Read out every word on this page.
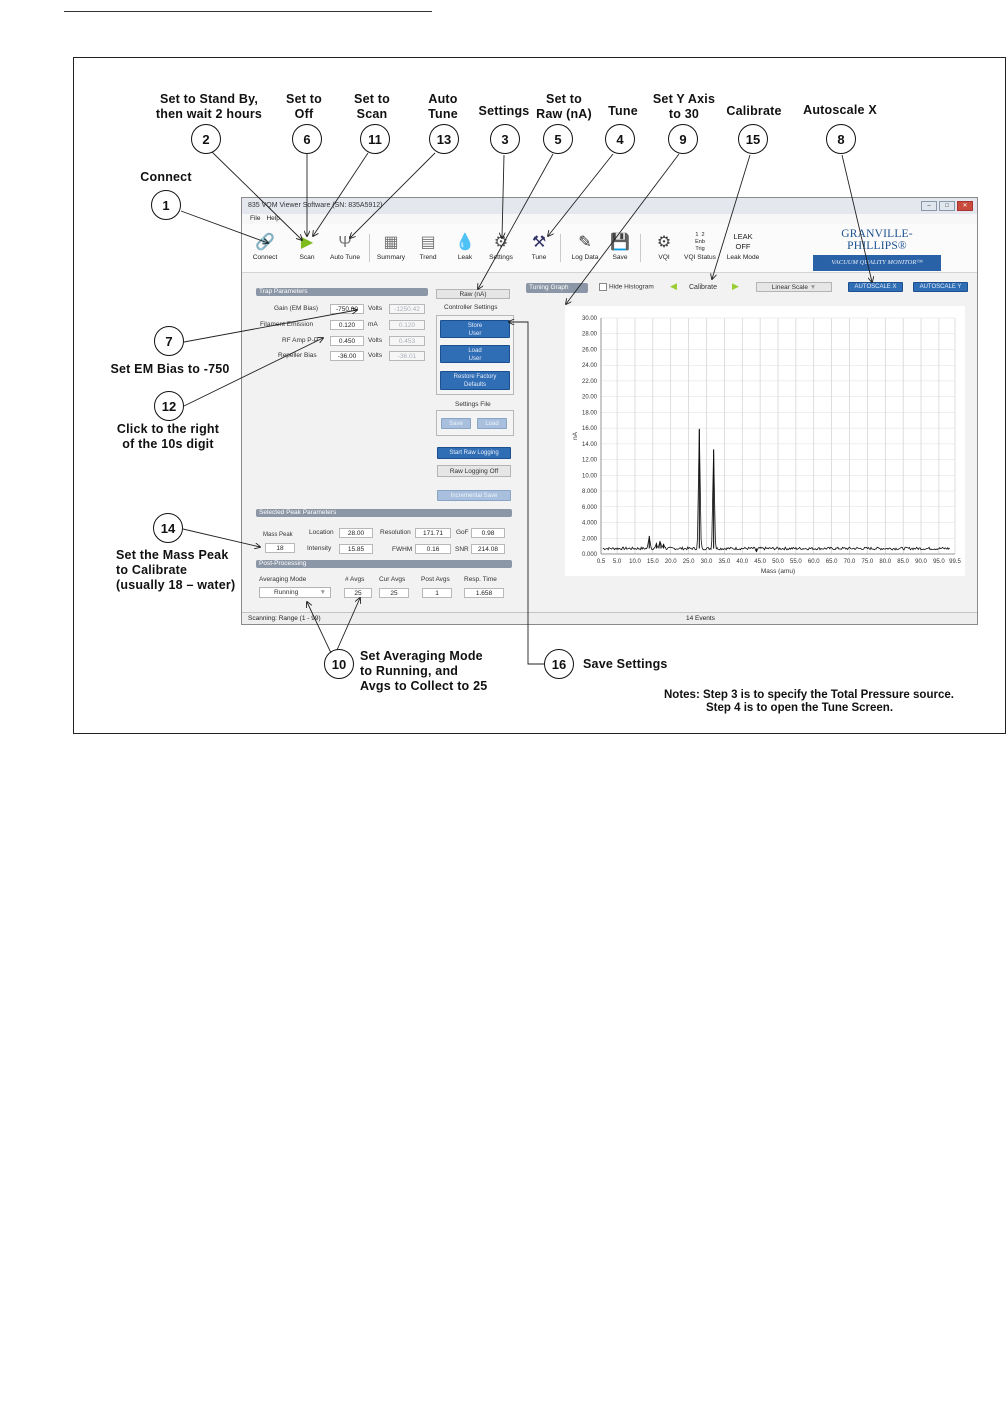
Set to Stand By,
then wait 2 hours
Set to
Off
Set to
Scan
Auto
Tune	Settings
Set to
Raw (nA)	Tune
Set Y Axis
to 30	Calibrate	Autoscale X
Connect
Set EM Bias to -750
Click to the right
of the 10s digit
Set the Mass Peak
to Calibrate
(usually 18 – water)
Set Averaging Mode
to Running, and
Avgs to Collect to 25
Save Settings
Notes: Step 3 is to specify the Total Pressure source.
Step 4 is to open the Tune Screen.
835 VQM Viewer Software (SN: 835A5912)	– □ ✕
File Help
🔗
Connect
▶
Scan
Ψ
Auto Tune
▦
Summary
▤
Trend
💧
Leak
⚙
Settings
⚒
Tune
✎
Log Data
💾
Save
⚙
VQI
1  2
Enb
Trig
VQI Status
LEAK
OFF
Leak Mode
GRANVILLE-PHILLIPS®
VACUUM QUALITY MONITOR™
Trap Parameters	Raw (nA)
Controller Settings
Store
User
Load
User
Restore Factory
Defaults
Settings File
Save	Load
Start Raw Logging
Raw Logging Off
Incremental Save
Selected Peak Parameters
Mass Peak
18
Location	28.00	Resolution	171.71	GoF	0.98
Intensity	15.85	FWHM	0.16	SNR	214.08
Post-Processing
Averaging Mode
Running	▼
# Avgs
25
Cur Avgs
25
Post Avgs
1
Resp. Time
1.658
Tuning Graph	Hide Histogram ◀ Calibrate ▶	Linear Scale ▼	AUTOSCALE X	AUTOSCALE Y
0.5 5.0 10.0 15.0 20.0 25.0 30.0 35.0 40.0 45.0 50.0 55.0 60.0 65.0 70.0 75.0 80.0 85.0 90.0 95.0 99.5
0.000
2.000
4.000
6.000
8.000
10.00
12.00
14.00
16.00
18.00
20.00
22.00
24.00
26.00
28.00
30.00
Mass (amu)
nA
Scanning: Range (1 - 99)	14 Events
Gain (EM Bias)	-750.00	Volts	-1250.42
Filament Emission	0.120	mA	0.120
RF Amp P-P	0.450	Volts	0.453
Repeller Bias	-36.00	Volts	-36.01
2	6	11	13	3	5	4	9	15	8
1
7
12
14
10	16
